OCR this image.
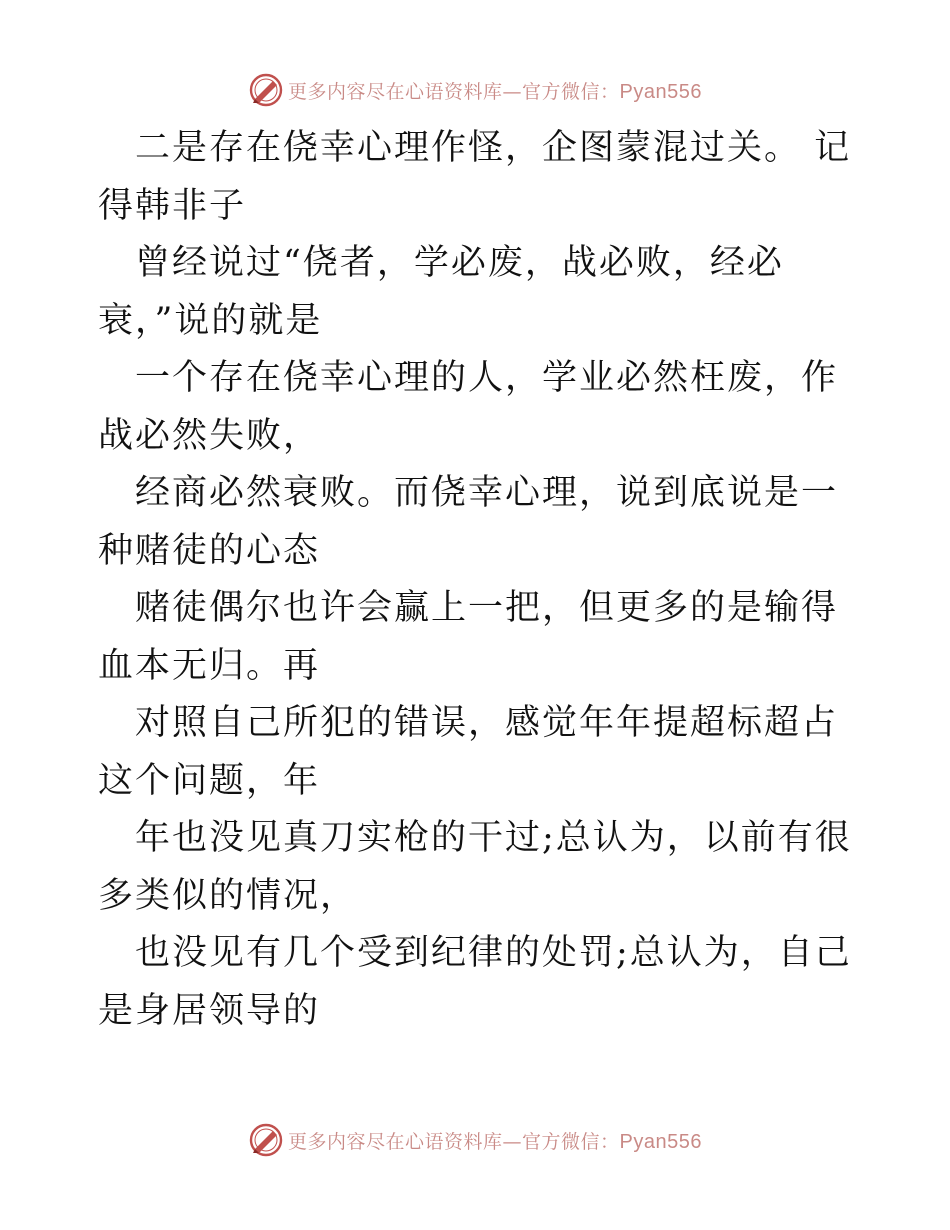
更多内容尽在心语资料库—官方微信：Pyan556

二是存在侥幸心理作怪，企图蒙混过关。 记得韩非子

曾经说过“侥者，学必废，战必败，经必衰，”说的就是

一个存在侥幸心理的人，学业必然枉废，作战必然失败，

经商必然衰败。而侥幸心理，说到底说是一种赌徒的心态

赌徒偶尔也许会赢上一把，但更多的是输得血本无归。再

对照自己所犯的错误，感觉年年提超标超占这个问题，年

年也没见真刀实枪的干过;总认为，以前有很多类似的情况，

也没见有几个受到纪律的处罚;总认为，自己是身居领导的

更多内容尽在心语资料库—官方微信：Pyan556
